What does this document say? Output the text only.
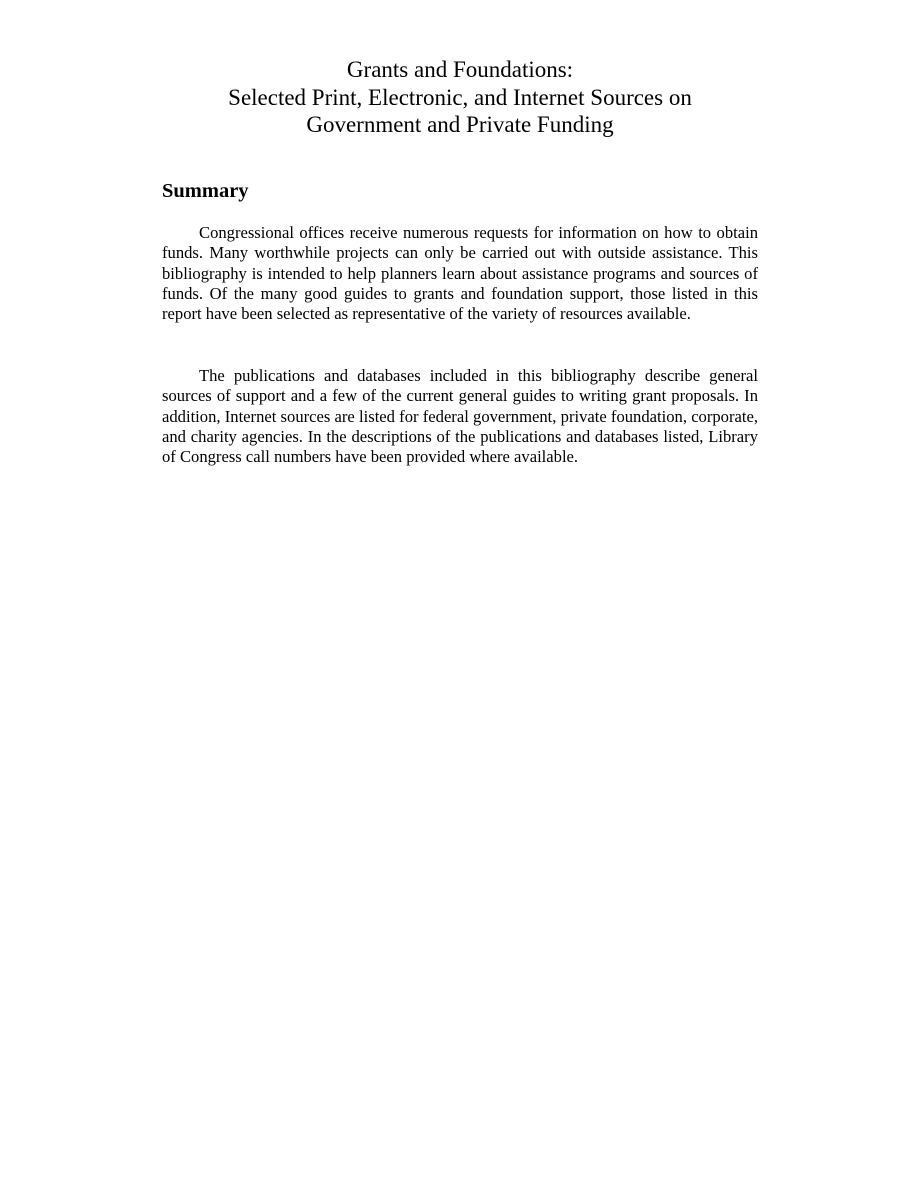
Grants and Foundations:
Selected Print, Electronic, and Internet Sources on
Government and Private Funding
Summary

Congressional offices receive numerous requests for information on how to obtain funds. Many worthwhile projects can only be carried out with outside assistance. This bibliography is intended to help planners learn about assistance programs and sources of funds. Of the many good guides to grants and foundation support, those listed in this report have been selected as representative of the variety of resources available.

The publications and databases included in this bibliography describe general sources of support and a few of the current general guides to writing grant proposals. In addition, Internet sources are listed for federal government, private foundation, corporate, and charity agencies. In the descriptions of the publications and databases listed, Library of Congress call numbers have been provided where available.
